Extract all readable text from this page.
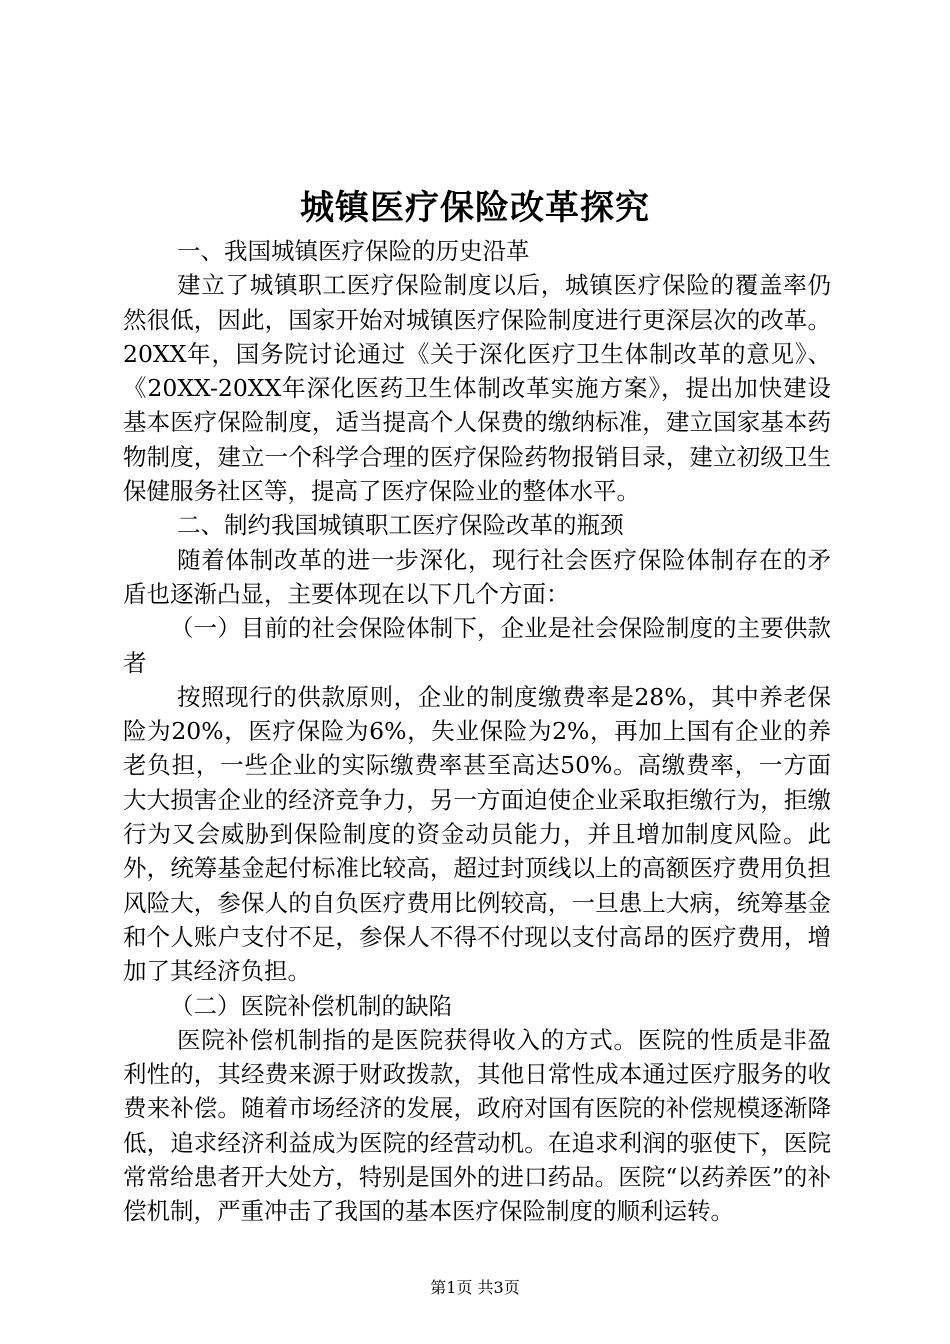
城镇医疗保险改革探究

一、我国城镇医疗保险的历史沿革

建立了城镇职工医疗保险制度以后，城镇医疗保险的覆盖率仍然很低，因此，国家开始对城镇医疗保险制度进行更深层次的改革。20XX年，国务院讨论通过《关于深化医疗卫生体制改革的意见》、《20XX-20XX年深化医药卫生体制改革实施方案》，提出加快建设基本医疗保险制度，适当提高个人保费的缴纳标准，建立国家基本药物制度，建立一个科学合理的医疗保险药物报销目录，建立初级卫生保健服务社区等，提高了医疗保险业的整体水平。

二、制约我国城镇职工医疗保险改革的瓶颈

随着体制改革的进一步深化，现行社会医疗保险体制存在的矛盾也逐渐凸显，主要体现在以下几个方面：

（一）目前的社会保险体制下，企业是社会保险制度的主要供款者

按照现行的供款原则，企业的制度缴费率是28%，其中养老保险为20%，医疗保险为6%，失业保险为2%，再加上国有企业的养老负担，一些企业的实际缴费率甚至高达50%。高缴费率，一方面大大损害企业的经济竞争力，另一方面迫使企业采取拒缴行为，拒缴行为又会威胁到保险制度的资金动员能力，并且增加制度风险。此外，统筹基金起付标准比较高，超过封顶线以上的高额医疗费用负担风险大，参保人的自负医疗费用比例较高，一旦患上大病，统筹基金和个人账户支付不足，参保人不得不付现以支付高昂的医疗费用，增加了其经济负担。

（二）医院补偿机制的缺陷

医院补偿机制指的是医院获得收入的方式。医院的性质是非盈利性的，其经费来源于财政拨款，其他日常性成本通过医疗服务的收费来补偿。随着市场经济的发展，政府对国有医院的补偿规模逐渐降低，追求经济利益成为医院的经营动机。在追求利润的驱使下，医院常常给患者开大处方，特别是国外的进口药品。医院“以药养医”的补偿机制，严重冲击了我国的基本医疗保险制度的顺利运转。

第1页 共3页
